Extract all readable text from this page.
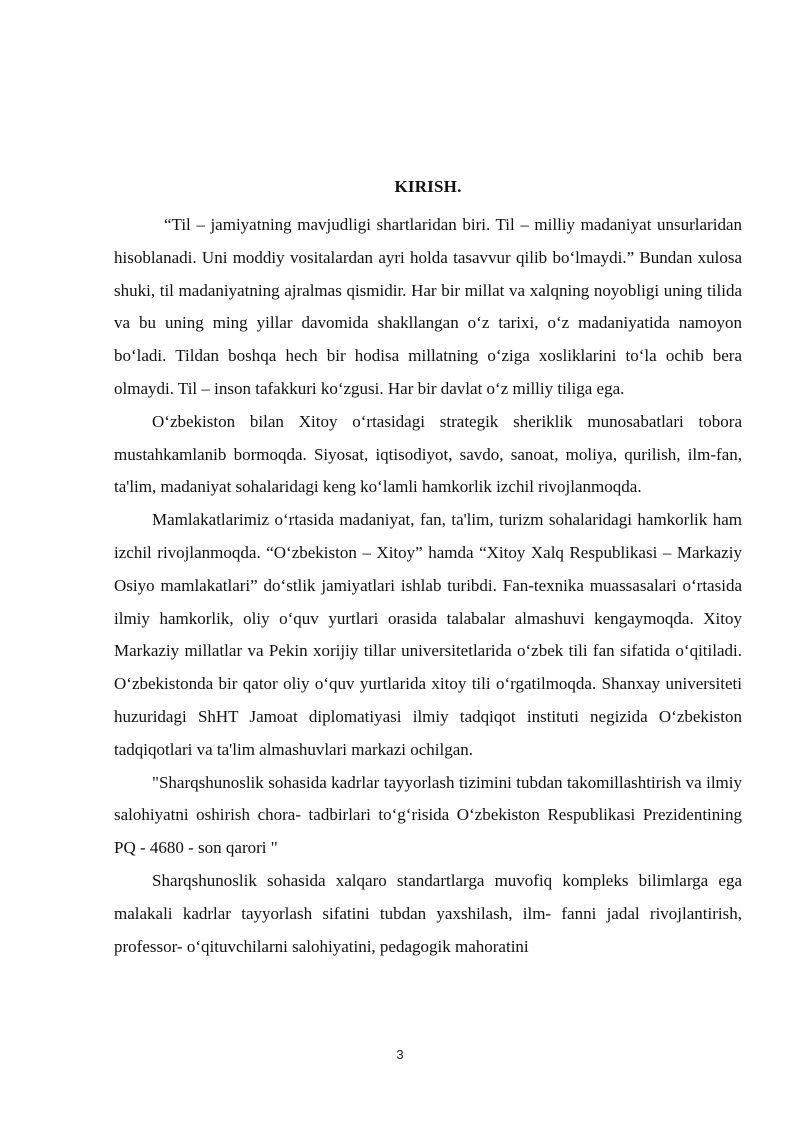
KIRISH.

“Til – jamiyatning mavjudligi shartlaridan biri. Til – milliy madaniyat unsurlaridan hisoblanadi. Uni moddiy vositalardan ayri holda tasavvur qilib bo‘lmaydi.” Bundan xulosa shuki, til madaniyatning ajralmas qismidir. Har bir millat va xalqning noyobligi uning tilida va bu uning ming yillar davomida shakllangan o‘z tarixi, o‘z madaniyatida namoyon bo‘ladi. Tildan boshqa hech bir hodisa millatning o‘ziga xosliklarini to‘la ochib bera olmaydi. Til – inson tafakkuri ko‘zgusi. Har bir davlat o‘z milliy tiliga ega.

O‘zbekiston bilan Xitoy o‘rtasidagi strategik sheriklik munosabatlari tobora mustahkamlanib bormoqda. Siyosat, iqtisodiyot, savdo, sanoat, moliya, qurilish, ilm-fan, ta'lim, madaniyat sohalaridagi keng ko‘lamli hamkorlik izchil rivojlanmoqda.

Mamlakatlarimiz o‘rtasida madaniyat, fan, ta'lim, turizm sohalaridagi hamkorlik ham izchil rivojlanmoqda. “O‘zbekiston – Xitoy” hamda “Xitoy Xalq Respublikasi – Markaziy Osiyo mamlakatlari” do‘stlik jamiyatlari ishlab turibdi. Fan-texnika muassasalari o‘rtasida ilmiy hamkorlik, oliy o‘quv yurtlari orasida talabalar almashuvi kengaymoqda. Xitoy Markaziy millatlar va Pekin xorijiy tillar universitetlarida o‘zbek tili fan sifatida o‘qitiladi. O‘zbekistonda bir qator oliy o‘quv yurtlarida xitoy tili o‘rgatilmoqda. Shanxay universiteti huzuridagi ShHT Jamoat diplomatiyasi ilmiy tadqiqot instituti negizida O‘zbekiston tadqiqotlari va ta'lim almashuvlari markazi ochilgan.

"Sharqshunoslik sohasida kadrlar tayyorlash tizimini tubdan takomillashtirish va ilmiy salohiyatni oshirish chora- tadbirlari to‘g‘risida O‘zbekiston Respublikasi Prezidentining PQ - 4680 - son qarori "

Sharqshunoslik sohasida xalqaro standartlarga muvofiq kompleks bilimlarga ega malakali kadrlar tayyorlash sifatini tubdan yaxshilash, ilm- fanni jadal rivojlantirish, professor- o‘qituvchilarni salohiyatini, pedagogik mahoratini

3
